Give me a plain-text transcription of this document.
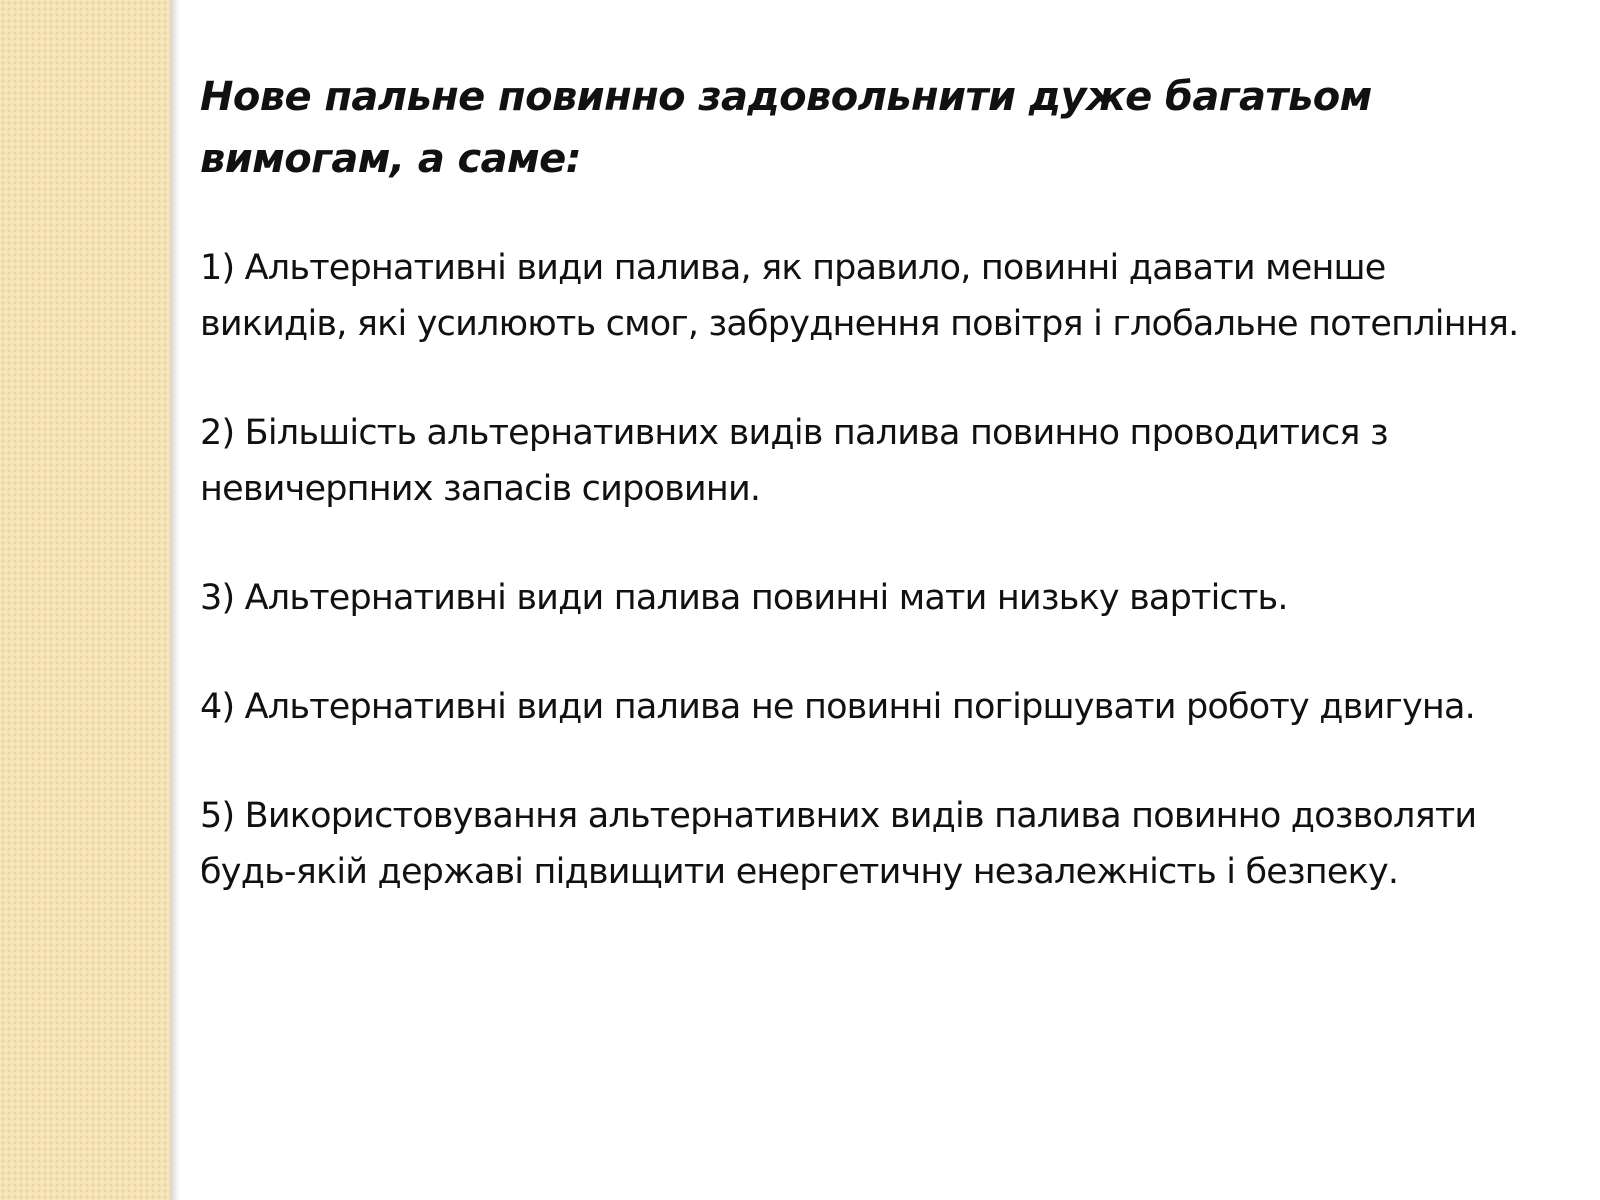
Нове пальне повинно задовольнити дуже багатьом вимогам, а саме:

1) Альтернативні види палива, як правило, повинні давати менше викидів, які усилюють смог, забруднення повітря і глобальне потепління.

2) Більшість альтернативних видів палива повинно проводитися з невичерпних запасів сировини.

3) Альтернативні види палива повинні мати низьку вартість.

4) Альтернативні види палива не повинні погіршувати роботу двигуна.

5) Використовування альтернативних видів палива повинно дозволяти будь-якій державі підвищити енергетичну незалежність і безпеку.
